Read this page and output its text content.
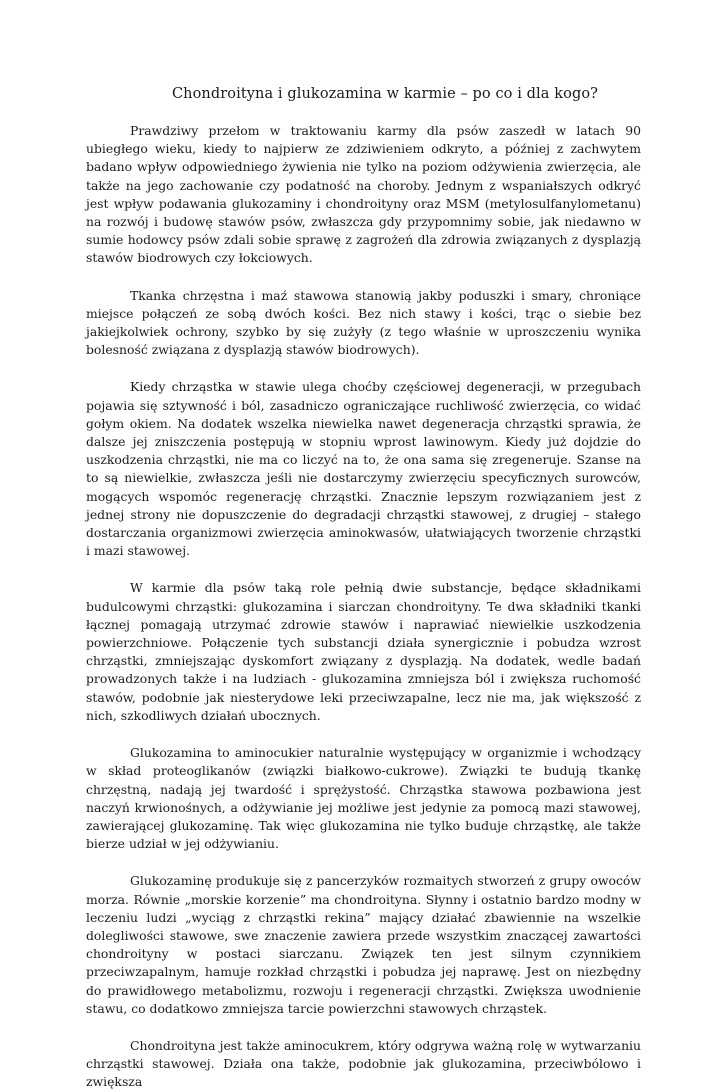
Chondroityna i glukozamina w karmie – po co i dla kogo?

Prawdziwy przełom w traktowaniu karmy dla psów zaszedł w latach 90 ubiegłego wieku, kiedy to najpierw ze zdziwieniem odkryto, a później z zachwytem badano wpływ odpowiedniego żywienia nie tylko na poziom odżywienia zwierzęcia, ale także na jego zachowanie czy podatność na choroby. Jednym z wspaniałszych odkryć jest wpływ podawania glukozaminy i chondroityny oraz MSM (metylosulfanylometanu) na rozwój i budowę stawów psów, zwłaszcza gdy przypomnimy sobie, jak niedawno w sumie hodowcy psów zdali sobie sprawę z zagrożeń dla zdrowia związanych z dysplazją stawów biodrowych czy łokciowych.

Tkanka chrzęstna i maź stawowa stanowią jakby poduszki i smary, chroniące miejsce połączeń ze sobą dwóch kości. Bez nich stawy i kości, trąc o siebie bez jakiejkolwiek ochrony, szybko by się zużyły (z tego właśnie w uproszczeniu wynika bolesność związana z dysplazją stawów biodrowych).

Kiedy chrząstka w stawie ulega choćby częściowej degeneracji, w przegubach pojawia się sztywność i ból, zasadniczo ograniczające ruchliwość zwierzęcia, co widać gołym okiem. Na dodatek wszelka niewielka nawet degeneracja chrząstki sprawia, że dalsze jej zniszczenia postępują w stopniu wprost lawinowym. Kiedy już dojdzie do uszkodzenia chrząstki, nie ma co liczyć na to, że ona sama się zregeneruje. Szanse na to są niewielkie, zwłaszcza jeśli nie dostarczymy zwierzęciu specyficznych surowców, mogących wspomóc regenerację chrząstki. Znacznie lepszym rozwiązaniem jest z jednej strony nie dopuszczenie do degradacji chrząstki stawowej, z drugiej – stałego dostarczania organizmowi zwierzęcia aminokwasów, ułatwiających tworzenie chrząstki i mazi stawowej.

W karmie dla psów taką role pełnią dwie substancje, będące składnikami budulcowymi chrząstki: glukozamina i siarczan chondroityny. Te dwa składniki tkanki łącznej pomagają utrzymać zdrowie stawów i naprawiać niewielkie uszkodzenia powierzchniowe. Połączenie tych substancji działa synergicznie i pobudza wzrost chrząstki, zmniejszając dyskomfort związany z dysplazją. Na dodatek, wedle badań prowadzonych także i na ludziach - glukozamina zmniejsza ból i zwiększa ruchomość stawów, podobnie jak niesterydowe leki przeciwzapalne, lecz nie ma, jak większość z nich, szkodliwych działań ubocznych.

Glukozamina to aminocukier naturalnie występujący w organizmie i wchodzący w skład proteoglikanów (związki białkowo-cukrowe). Związki te budują tkankę chrzęstną, nadają jej twardość i sprężystość. Chrząstka stawowa pozbawiona jest naczyń krwionośnych, a odżywianie jej możliwe jest jedynie za pomocą mazi stawowej, zawierającej glukozaminę. Tak więc glukozamina nie tylko buduje chrząstkę, ale także bierze udział w jej odżywianiu.

Glukozaminę produkuje się z pancerzyków rozmaitych stworzeń z grupy owoców morza. Równie „morskie korzenie” ma chondroityna. Słynny i ostatnio bardzo modny w leczeniu ludzi „wyciąg z chrząstki rekina” mający działać zbawiennie na wszelkie dolegliwości stawowe, swe znaczenie zawiera przede wszystkim znaczącej zawartości chondroityny w postaci siarczanu. Związek ten jest silnym czynnikiem przeciwzapalnym, hamuje rozkład chrząstki i pobudza jej naprawę. Jest on niezbędny do prawidłowego metabolizmu, rozwoju i regeneracji chrząstki. Zwiększa uwodnienie stawu, co dodatkowo zmniejsza tarcie powierzchni stawowych chrząstek.

Chondroityna jest także aminocukrem, który odgrywa ważną rolę w wytwarzaniu chrząstki stawowej. Działa ona także, podobnie jak glukozamina, przeciwbólowo i zwiększa
